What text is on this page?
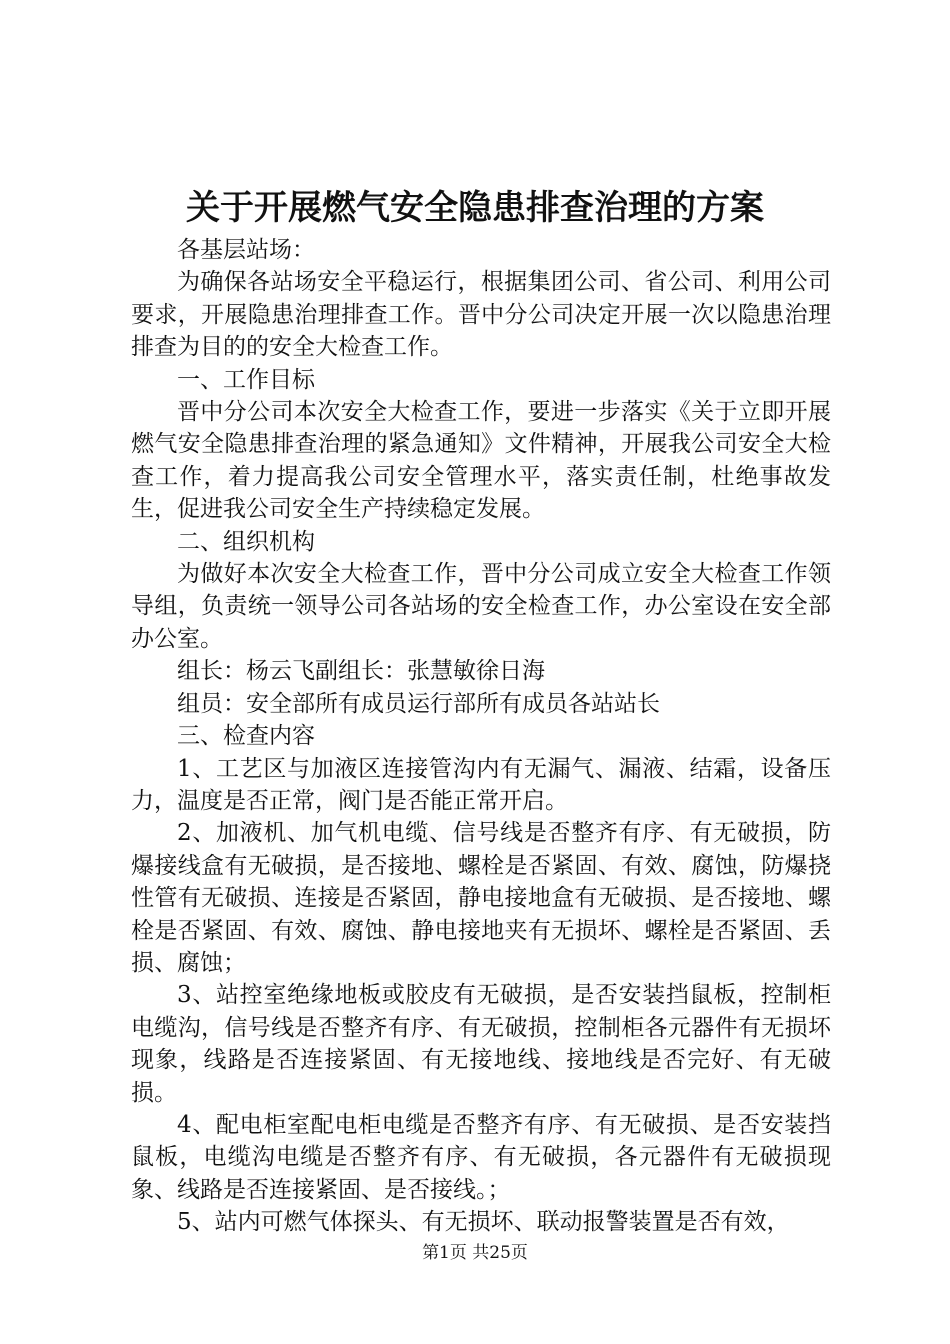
关于开展燃气安全隐患排查治理的方案

各基层站场：

为确保各站场安全平稳运行，根据集团公司、省公司、利用公司要求，开展隐患治理排查工作。晋中分公司决定开展一次以隐患治理排查为目的的安全大检查工作。

一、工作目标

晋中分公司本次安全大检查工作，要进一步落实《关于立即开展燃气安全隐患排查治理的紧急通知》文件精神，开展我公司安全大检查工作，着力提高我公司安全管理水平，落实责任制，杜绝事故发生，促进我公司安全生产持续稳定发展。

二、组织机构

为做好本次安全大检查工作，晋中分公司成立安全大检查工作领导组，负责统一领导公司各站场的安全检查工作，办公室设在安全部办公室。

组长：杨云飞副组长：张慧敏徐日海

组员：安全部所有成员运行部所有成员各站站长

三、检查内容

1、工艺区与加液区连接管沟内有无漏气、漏液、结霜，设备压力，温度是否正常，阀门是否能正常开启。

2、加液机、加气机电缆、信号线是否整齐有序、有无破损，防爆接线盒有无破损，是否接地、螺栓是否紧固、有效、腐蚀，防爆挠性管有无破损、连接是否紧固，静电接地盒有无破损、是否接地、螺栓是否紧固、有效、腐蚀、静电接地夹有无损坏、螺栓是否紧固、丢损、腐蚀；

3、站控室绝缘地板或胶皮有无破损，是否安装挡鼠板，控制柜电缆沟，信号线是否整齐有序、有无破损，控制柜各元器件有无损坏现象，线路是否连接紧固、有无接地线、接地线是否完好、有无破损。

4、配电柜室配电柜电缆是否整齐有序、有无破损、是否安装挡鼠板，电缆沟电缆是否整齐有序、有无破损，各元器件有无破损现象、线路是否连接紧固、是否接线。；

5、站内可燃气体探头、有无损坏、联动报警装置是否有效，

第1页 共25页
